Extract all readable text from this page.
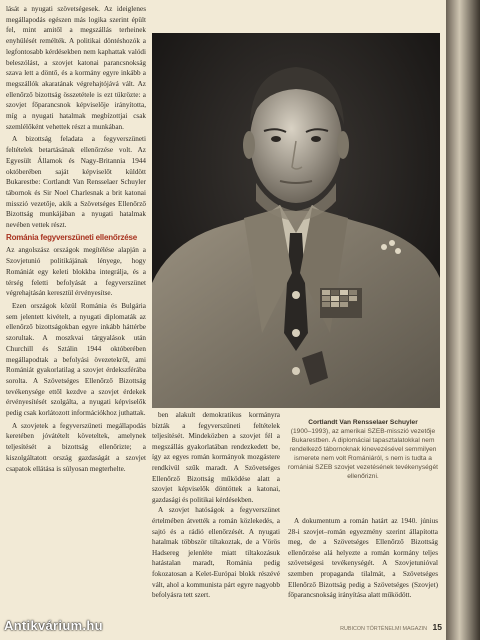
lását a nyugati szövetségesek. Az ideiglenes megállapodás egészen más logika szerint épült fel, mint amitől a megszállás terheinek enyhülését remélték. A politikai döntéshozók a legfontosabb kérdésekben nem kaphattak valódi beleszólást, a szovjet katonai parancsnokság szava lett a döntő, és a kormány egyre inkább a megszállók akaratának végrehajtójává vált. Az ellenőrző bizottság összetétele is ezt tükrözte: a szovjet főparancsnok képviselője irányította, míg a nyugati hatalmak megbízottjai csak szemlélőként vehettek részt a munkában.

A bizottság feladata a fegyverszüneti feltételek betartásának ellenőrzése volt. Az Egyesült Államok és Nagy-Britannia 1944 októberében saját képviselőt küldött Bukarestbe: Cortlandt Van Rensselaer Schuyler tábornok és Sir Noel Charlesnak a brit katonai misszió vezetője, akik a Szövetséges Ellenőrző Bizottság munkájában a nyugati hatalmak nevében vettek részt.

Románia fegyverszüneti ellenőrzése

Az angolszász országok megítélése alapján a Szovjetunió politikájának lényege, hogy Romániát egy keleti blokkba integrálja, és a térség feletti befolyását a fegyverszünet végrehajtásán keresztül érvényesítse.

Ezen országok közül Románia és Bulgária sem jelentett kivételt, a nyugati diplomaták az ellenőrző bizottságokban egyre inkább háttérbe szorultak. A moszkvai tárgyalások után Churchill és Sztálin 1944 októberében megállapodtak a befolyási övezetekről, ami Romániát gyakorlatilag a szovjet érdekszférába sorolta. A Szövetséges Ellenőrző Bizottság tevékenysége ettől kezdve a szovjet érdekek érvényesítését szolgálta, a nyugati képviselők pedig csak korlátozott információkhoz juthattak.

A szovjetek a fegyverszüneti megállapodás keretében jóvátételt követeltek, amelynek teljesítését a bizottság ellenőrizte; a kiszolgáltatott ország gazdaságát a szovjet csapatok ellátása is súlyosan megterhelte.

Cortlandt Van Rensselaer Schuyler
(1900–1993), az amerikai SZEB-misszió vezetője Bukarestben. A diplomáciai tapasztalatokkal nem rendelkező tábornoknak kinevezésével semmilyen ismerete nem volt Romániáról, s nem is tudta a romániai SZEB szovjet vezetésének tevékenységét ellenőrizni.

ben alakult demokratikus kormányra bízták a fegyverszüneti feltételek teljesítését. Mindeközben a szovjet fél a megszállás gyakorlatában rendezkedett be, így az egyes román kormányok mozgástere rendkívül szűk maradt. A Szövetséges Ellenőrző Bizottság működése alatt a szovjet képviselők döntöttek a katonai, gazdasági és politikai kérdésekben.

A szovjet hatóságok a fegyverszünet értelmében átvették a román közlekedés, a sajtó és a rádió ellenőrzését. A nyugati hatalmak többször tiltakoztak, de a Vörös Hadsereg jelenléte miatt tiltakozásuk hatástalan maradt, Románia pedig fokozatosan a Kelet-Európai blokk részévé vált, ahol a kommunista párt egyre nagyobb befolyásra tett szert.

A dokumentum a román határt az 1940. június 28-i szovjet–román egyezmény szerint állapította meg, de a Szövetséges Ellenőrző Bizottság ellenőrzése alá helyezte a román kormány teljes szövetségesi tevékenységét. A Szovjetunióval szemben propaganda tilalmát, a Szövetséges Ellenőrző Bizottság pedig a Szövetséges (Szovjet) főparancsnokság irányítása alatt működött.

RUBICON TÖRTÉNELMI MAGAZIN 15
Antikvárium.hu
